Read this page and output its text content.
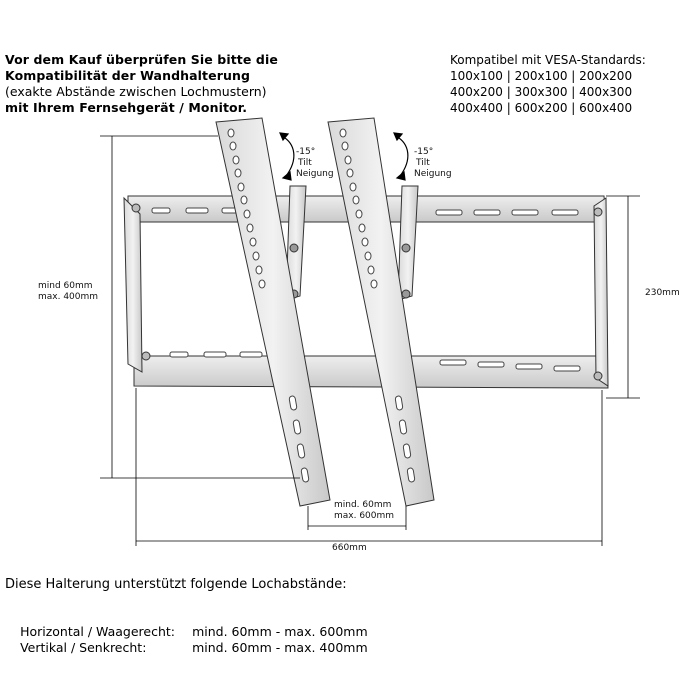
Vor dem Kauf überprüfen Sie bitte die
Kompatibilität der Wandhalterung
(exakte Abstände zwischen Lochmustern)
mit Ihrem Fernsehgerät / Monitor.
Kompatibel mit VESA-Standards:
100x100 | 200x100 | 200x200
400x200 | 300x300 | 400x300
400x400 | 600x200 | 600x400
-15°
Tilt
Neigung
-15°
Tilt
Neigung
mind 60mm
max. 400mm	230mm
mind. 60mm
max. 600mm
660mm
Diese Halterung unterstützt folgende Lochabstände:

Horizontal / Waagerecht: mind. 60mm - max. 600mm

Vertikal / Senkrecht:	mind. 60mm - max. 400mm
